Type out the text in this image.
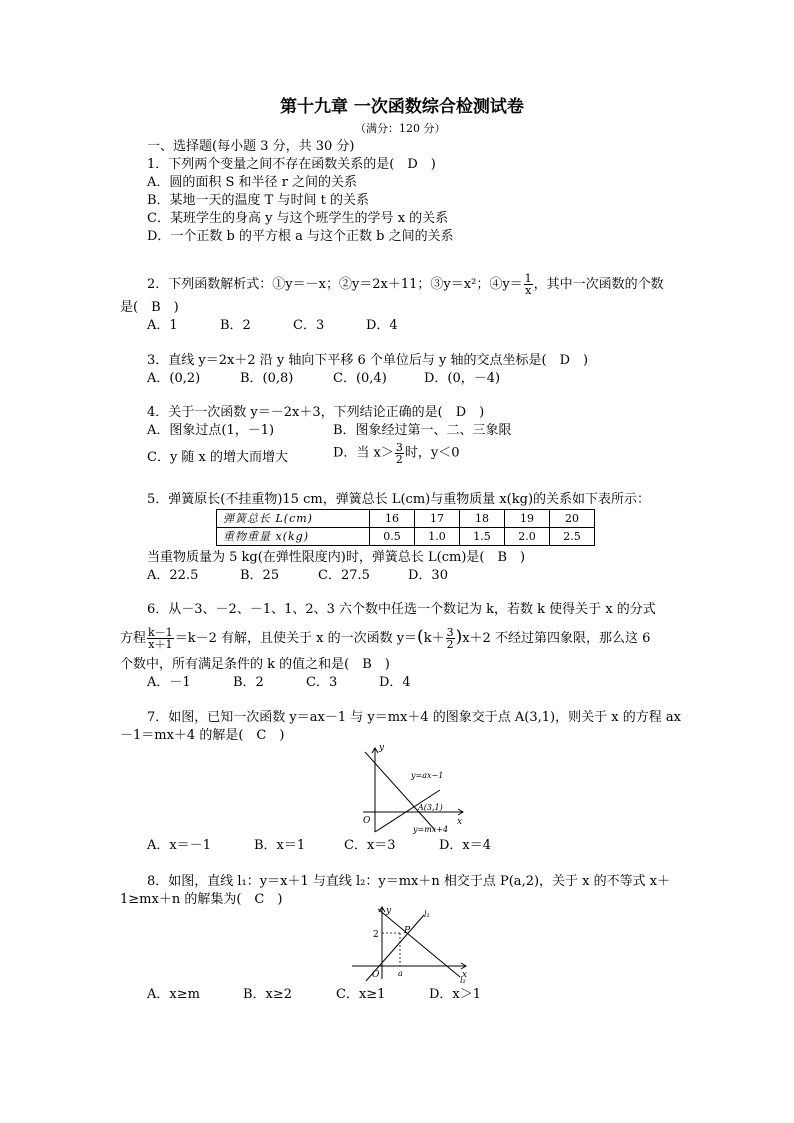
第十九章 一次函数综合检测试卷
（满分：120 分）
一、选择题(每小题 3 分，共 30 分)
1．下列两个变量之间不存在函数关系的是(　D　)
A．圆的面积 S 和半径 r 之间的关系
B．某地一天的温度 T 与时间 t 的关系
C．某班学生的身高 y 与这个班学生的学号 x 的关系
D．一个正数 b 的平方根 a 与这个正数 b 之间的关系
2．下列函数解析式：①y＝－x；②y＝2x＋11；③y＝x²；④y＝ $\frac{1}{x}$ ，其中一次函数的个数
是(　B　)
A．1	B．2	C．3	D．4
3．直线 y＝2x＋2 沿 y 轴向下平移 6 个单位后与 y 轴的交点坐标是(　D　)
A．(0,2)	B．(0,8)	C．(0,4)	D．(0，－4)
4．关于一次函数 y＝－2x＋3，下列结论正确的是(　D　)
A．图象过点(1，－1)	B．图象经过第一、二、三象限
C．y 随 x 的增大而增大	D．当 $x> \frac{3}{2}$ 时，y＜0
5．弹簧原长(不挂重物)15 cm，弹簧总长 L(cm)与重物质量 x(kg)的关系如下表所示：
弹簧总长 L(cm)	16	17	18	19	20
重物重量 x(kg)	0.5	1.0	1.5	2.0	2.5
当重物质量为 5 kg(在弹性限度内)时，弹簧总长 L(cm)是(　B　)
A．22.5	B．25	C．27.5	D．30
6．从－3、－2、－1、1、2、3 六个数中任选一个数记为 k，若数 k 使得关于 x 的分式
方程 $\frac{k-1}{x+1} =k-2$ 有解，且使关于 x 的一次函数 $y=(k+ \frac{3}{2} )x+2$ 不经过第四象限，那么这 6
个数中，所有满足条件的 k 的值之和是(　B　)
A．－1	B．2	C．3	D．4
7．如图，已知一次函数 y＝ax－1 与 y＝mx＋4 的图象交于点 A(3,1)，则关于 x 的方程 ax
－1＝mx＋4 的解是(　C　)
y
x
O
y=ax−1
A(3,1)
y=mx+4
A．x＝－1	B．x＝1	C．x＝3	D．x＝4
8．如图，直线 l₁：y＝x＋1 与直线 l₂：y＝mx＋n 相交于点 P(a,2)，关于 x 的不等式 x＋
1≥mx＋n 的解集为(　C　)
y
x
O
2
a
P
l₁
l₂
A．x≥m	B．x≥2	C．x≥1	D．x＞1
